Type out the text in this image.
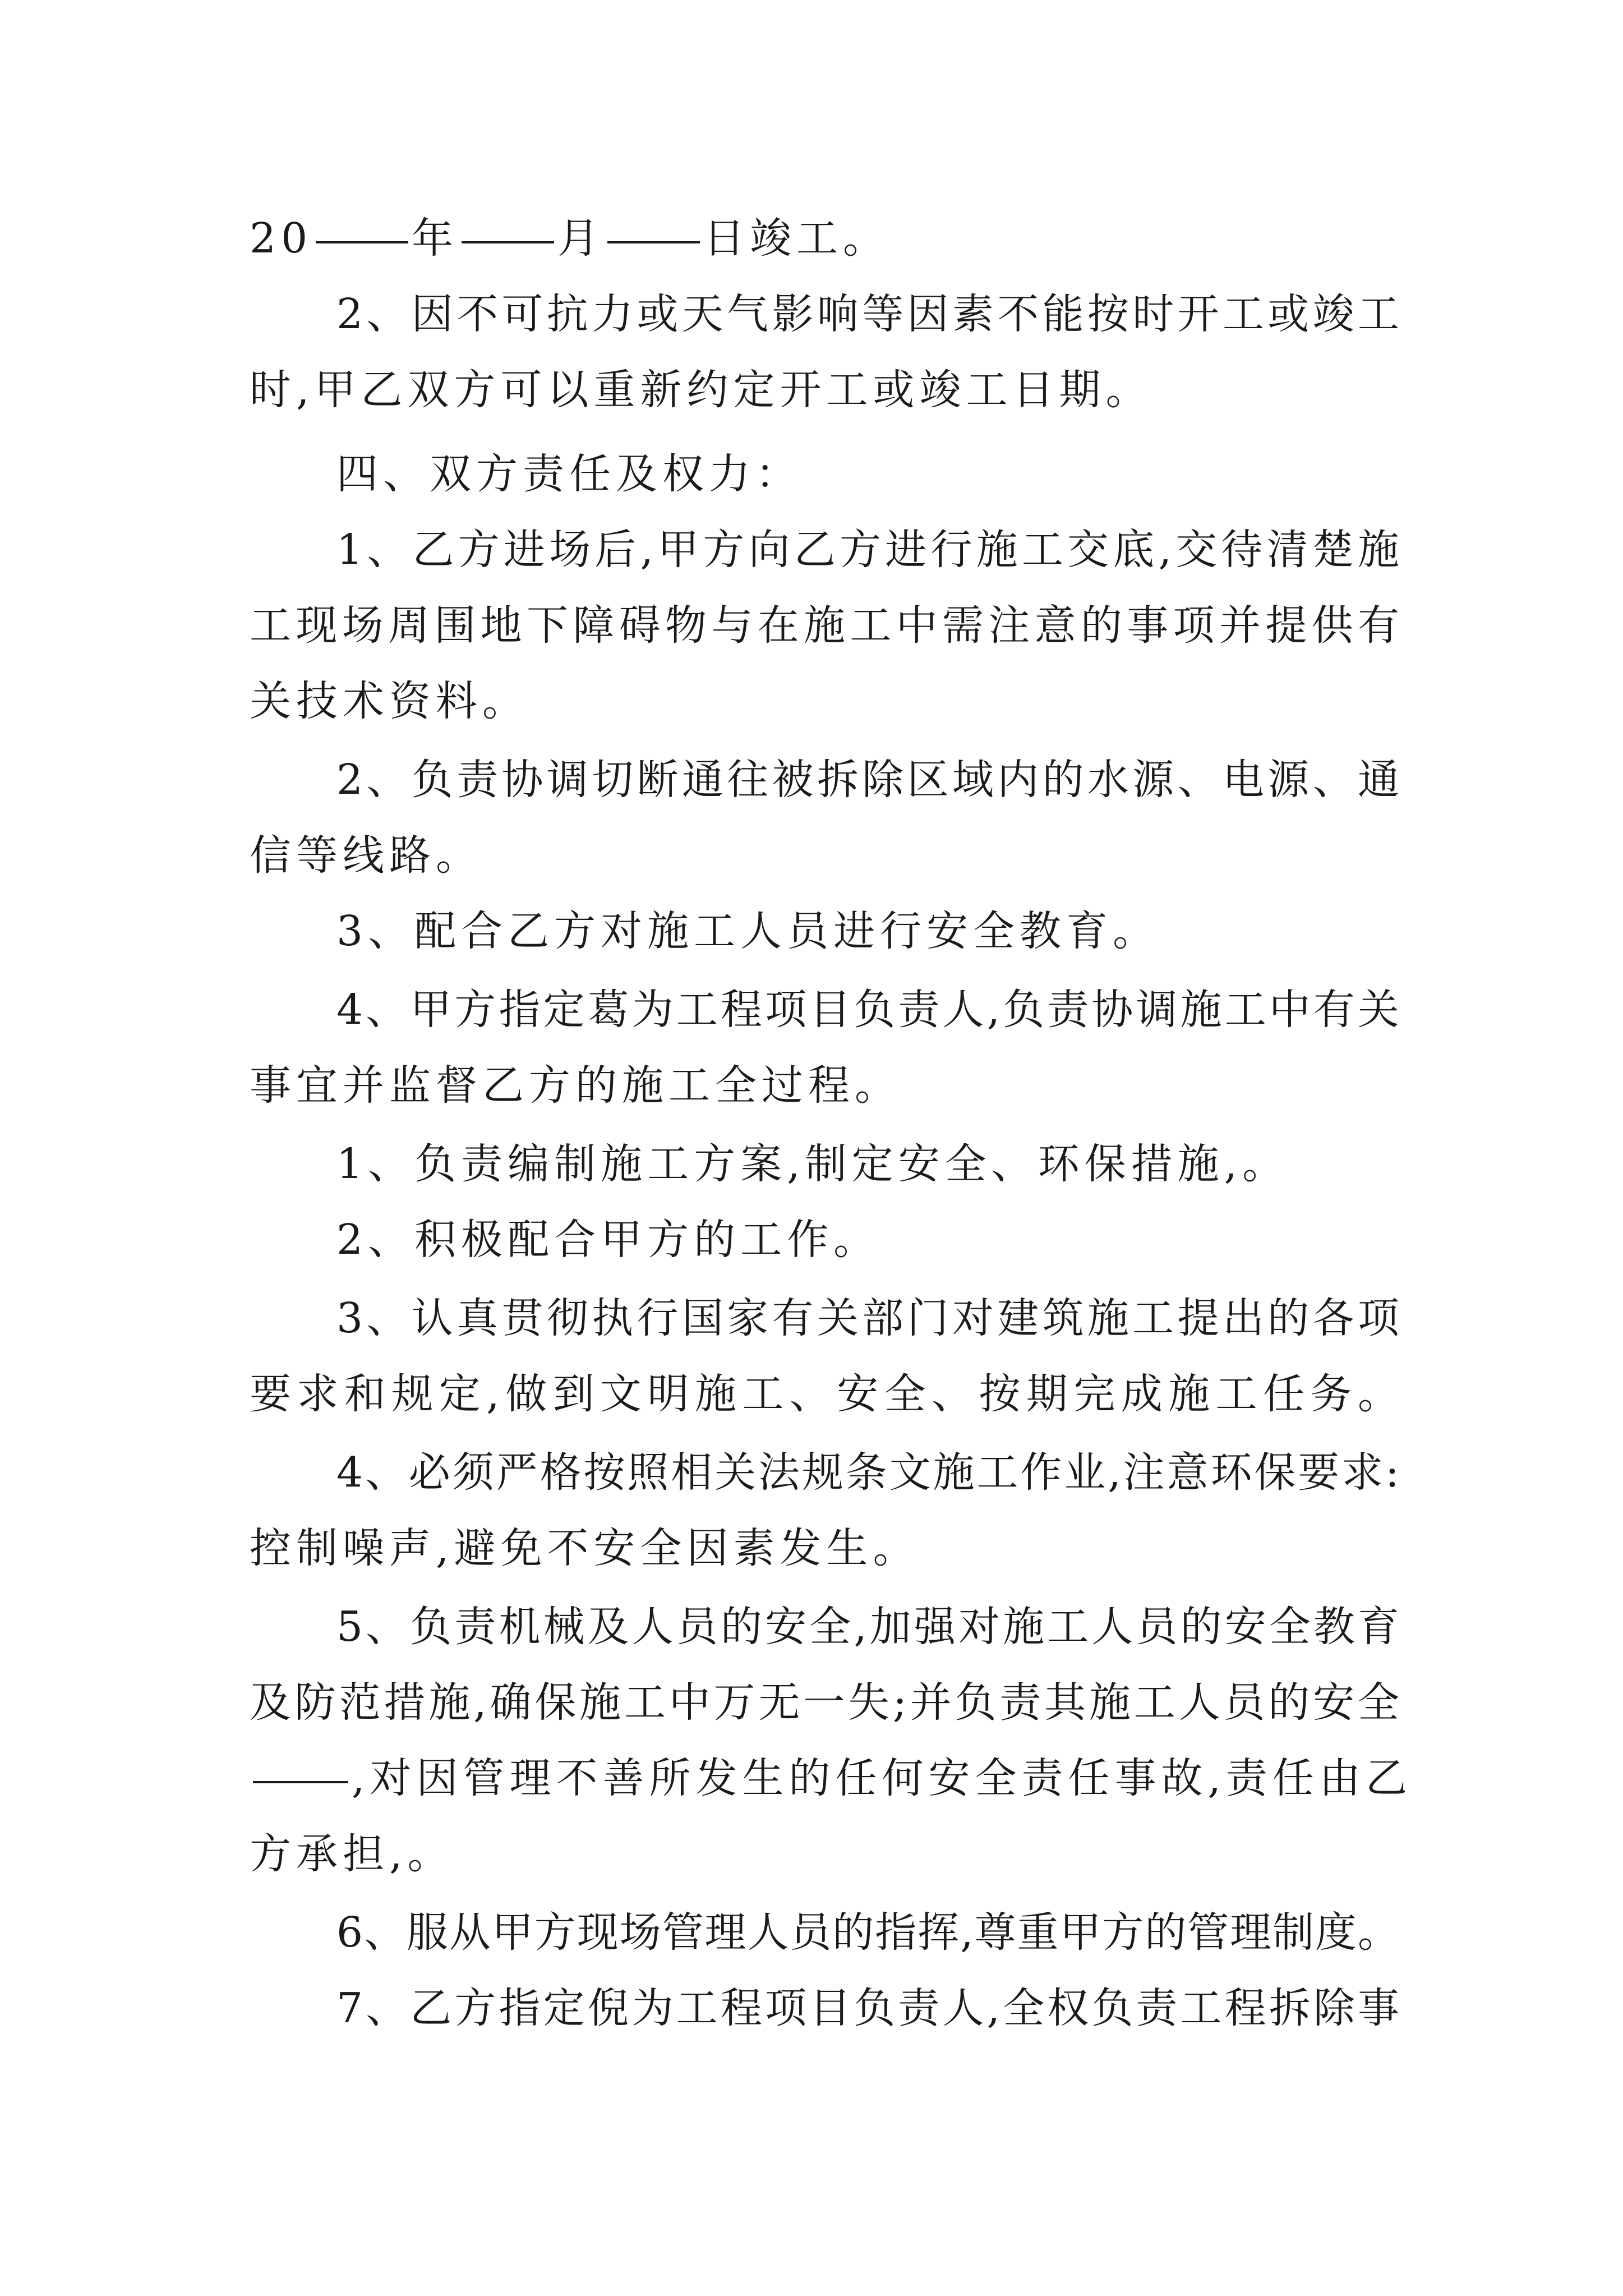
20 年 月 日竣工。
2、因不可抗力或天气影响等因素不能按时开工或竣工
时,甲乙双方可以重新约定开工或竣工日期。
四、双方责任及权力：
1、乙方进场后,甲方向乙方进行施工交底,交待清楚施
工现场周围地下障碍物与在施工中需注意的事项并提供有
关技术资料。
2、负责协调切断通往被拆除区域内的水源、电源、通
信等线路。
3、配合乙方对施工人员进行安全教育。
4、甲方指定葛为工程项目负责人,负责协调施工中有关
事宜并监督乙方的施工全过程。
1、负责编制施工方案,制定安全、环保措施,。
2、积极配合甲方的工作。
3、认真贯彻执行国家有关部门对建筑施工提出的各项
要求和规定,做到文明施工、安全、按期完成施工任务。
4、必须严格按照相关法规条文施工作业,注意环保要求:
控制噪声,避免不安全因素发生。
5、负责机械及人员的安全,加强对施工人员的安全教育
及防范措施,确保施工中万无一失;并负责其施工人员的安全
,对因管理不善所发生的任何安全责任事故,责任由乙
方承担,。
6、服从甲方现场管理人员的指挥,尊重甲方的管理制度。
7、乙方指定倪为工程项目负责人,全权负责工程拆除事
